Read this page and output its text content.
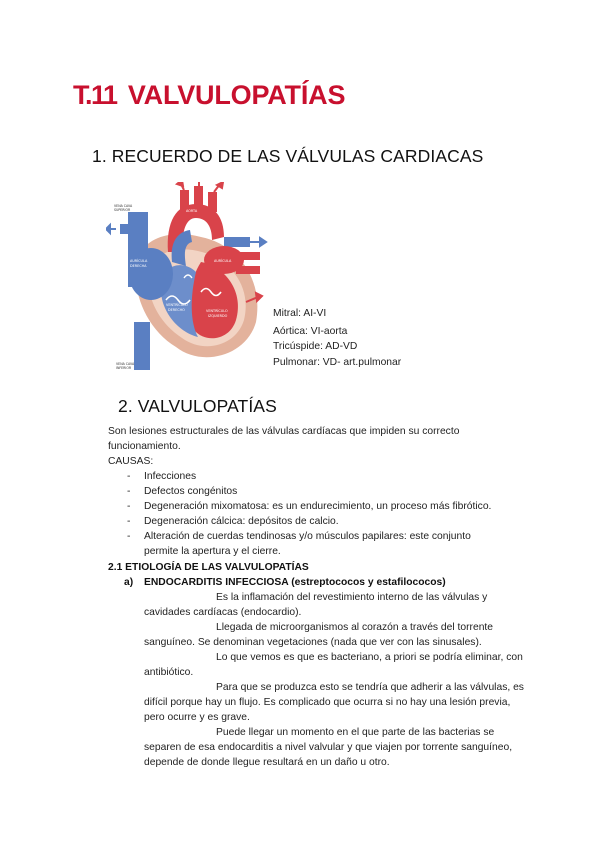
T.11 VALVULOPATÍAS
1. RECUERDO DE LAS VÁLVULAS CARDIACAS
AURÍCULA
DERECHA
VENTRÍCULO
DERECHO	VENTRÍCULO
IZQUIERDO
AURÍCULA
AORTA
VENA CAVA
SUPERIOR
VENA CAVA
INFERIOR
Mitral: AI-VI
Aórtica: VI-aorta
Tricúspide: AD-VD
Pulmonar: VD- art.pulmonar
2. VALVULOPATÍAS
Son lesiones estructurales de las válvulas cardíacas que impiden su correcto
funcionamiento.
CAUSAS:
- Infecciones
- Defectos congénitos
- Degeneración mixomatosa: es un endurecimiento, un proceso más fibrótico.
- Degeneración cálcica: depósitos de calcio.
- Alteración de cuerdas tendinosas y/o músculos papilares: este conjunto permite la apertura y el cierre.
2.1 ETIOLOGÍA DE LAS VALVULOPATÍAS
a) ENDOCARDITIS INFECCIOSA (estreptococos y estafilococos)
Es la inflamación del revestimiento interno de las válvulas y cavidades cardíacas (endocardio).
Llegada de microorganismos al corazón a través del torrente sanguíneo. Se denominan vegetaciones (nada que ver con las sinusales).
Lo que vemos es que es bacteriano, a priori se podría eliminar, con antibiótico.
Para que se produzca esto se tendría que adherir a las válvulas, es difícil porque hay un flujo. Es complicado que ocurra si no hay una lesión previa, pero ocurre y es grave.
Puede llegar un momento en el que parte de las bacterias se separen de esa endocarditis a nivel valvular y que viajen por torrente sanguíneo, depende de donde llegue resultará en un daño u otro.
